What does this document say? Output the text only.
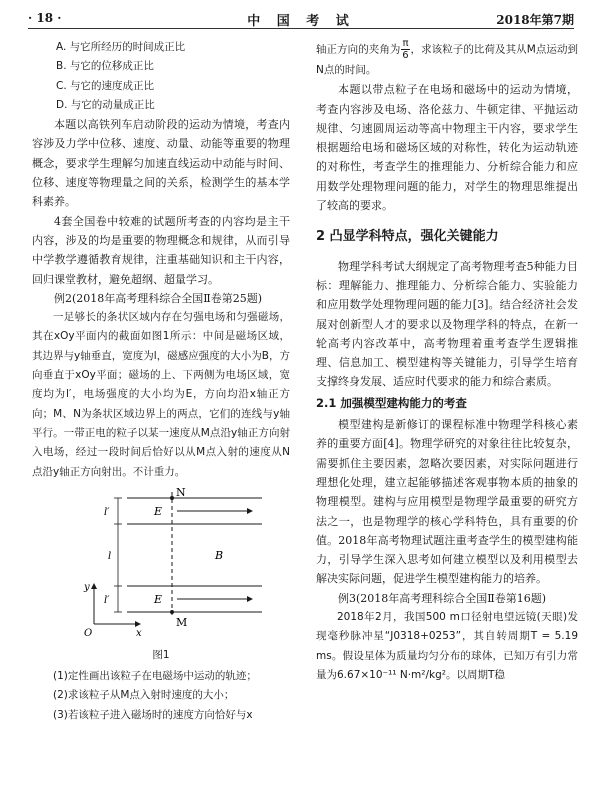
· 18 ·	中 国 考 试	2018年第7期

A. 与它所经历的时间成正比

B. 与它的位移成正比

C. 与它的速度成正比

D. 与它的动量成正比

本题以高铁列车启动阶段的运动为情境，考查内容涉及力学中位移、速度、动量、动能等重要的物理概念，要求学生理解匀加速直线运动中动能与时间、位移、速度等物理量之间的关系，检测学生的基本学科素养。

4套全国卷中较难的试题所考查的内容均是主干内容，涉及的均是重要的物理概念和规律，从而引导中学教学遵循教育规律，注重基础知识和主干内容，回归课堂教材，避免超纲、超量学习。

例2(2018年高考理科综合全国Ⅱ卷第25题)

一足够长的条状区域内存在匀强电场和匀强磁场，其在xOy平面内的截面如图1所示：中间是磁场区域，其边界与y轴垂直，宽度为l，磁感应强度的大小为B，方向垂直于xOy平面；磁场的上、下两侧为电场区域，宽度均为l′，电场强度的大小均为E，方向均沿x轴正方向；M、N为条状区域边界上的两点，它们的连线与y轴平行。一带正电的粒子以某一速度从M点沿y轴正方向射入电场，经过一段时间后恰好以从M点入射的速度从N点沿y轴正方向射出。不计重力。

N
M
E
E
B
l′
l
l′
y
O	x
图1

(1)定性画出该粒子在电磁场中运动的轨迹；

(2)求该粒子从M点入射时速度的大小；

(3)若该粒子进入磁场时的速度方向恰好与x

轴正方向的夹角为 $\frac{\pi}{6}$ ，求该粒子的比荷及其从M点运动到N点的时间。

本题以带点粒子在电场和磁场中的运动为情境，考查内容涉及电场、洛伦兹力、牛顿定律、平抛运动规律、匀速圆周运动等高中物理主干内容，要求学生根据题给电场和磁场区域的对称性，转化为运动轨迹的对称性，考查学生的推理能力、分析综合能力和应用数学处理物理问题的能力，对学生的物理思维提出了较高的要求。

2 凸显学科特点，强化关键能力

物理学科考试大纲规定了高考物理考查5种能力目标：理解能力、推理能力、分析综合能力、实验能力和应用数学处理物理问题的能力[3]。结合经济社会发展对创新型人才的要求以及物理学科的特点，在新一轮高考内容改革中，高考物理着重考查学生逻辑推理、信息加工、模型建构等关键能力，引导学生培育支撑终身发展、适应时代要求的能力和综合素质。

2.1 加强模型建构能力的考查

模型建构是新修订的课程标准中物理学科核心素养的重要方面[4]。物理学研究的对象往往比较复杂，需要抓住主要因素，忽略次要因素，对实际问题进行理想化处理，建立起能够描述客观事物本质的抽象的物理模型。建构与应用模型是物理学最重要的研究方法之一，也是物理学的核心学科特色，具有重要的价值。2018年高考物理试题注重考查学生的模型建构能力，引导学生深入思考如何建立模型以及利用模型去解决实际问题，促进学生模型建构能力的培养。

例3(2018年高考理科综合全国Ⅱ卷第16题)

2018年2月，我国500 m口径射电望远镜(天眼)发现毫秒脉冲星“J0318+0253”，其自转周期T = 5.19 ms。假设星体为质量均匀分布的球体，已知万有引力常量为6.67×10⁻¹¹ N·m²/kg²。以周期T稳
